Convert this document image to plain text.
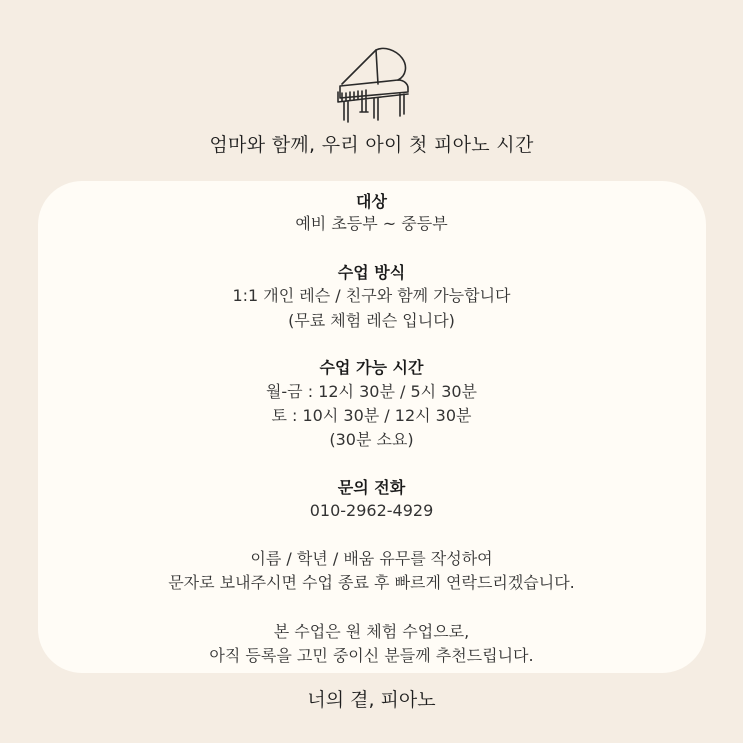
엄마와 함께, 우리 아이 첫 피아노 시간
대상
예비 초등부 ~ 중등부
수업 방식
1:1 개인 레슨 / 친구와 함께 가능합니다
(무료 체험 레슨 입니다)
수업 가능 시간
월-금 : 12시 30분 / 5시 30분
토 : 10시 30분 / 12시 30분
(30분 소요)
문의 전화
010-2962-4929
이름 / 학년 / 배움 유무를 작성하여
문자로 보내주시면 수업 종료 후 빠르게 연락드리겠습니다.
본 수업은 원 체험 수업으로,
아직 등록을 고민 중이신 분들께 추천드립니다.
너의 곁, 피아노
